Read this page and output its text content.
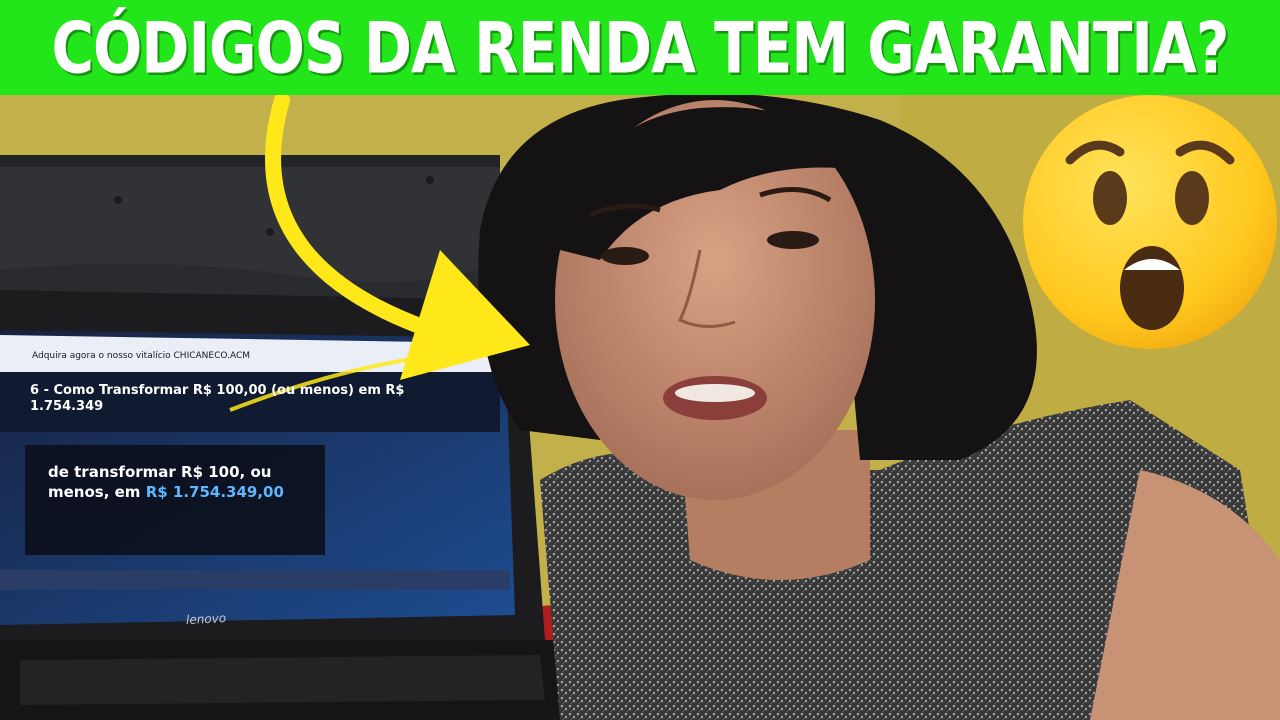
CÓDIGOS DA RENDA TEM GARANTIA?
Adquira agora o nosso vitalício CHICANECO.ACM
6 - Como Transformar R$ 100,00 (ou menos) em R$ 1.754.349
de transformar R$ 100, ou menos, em R$ 1.754.349,00
lenovo
